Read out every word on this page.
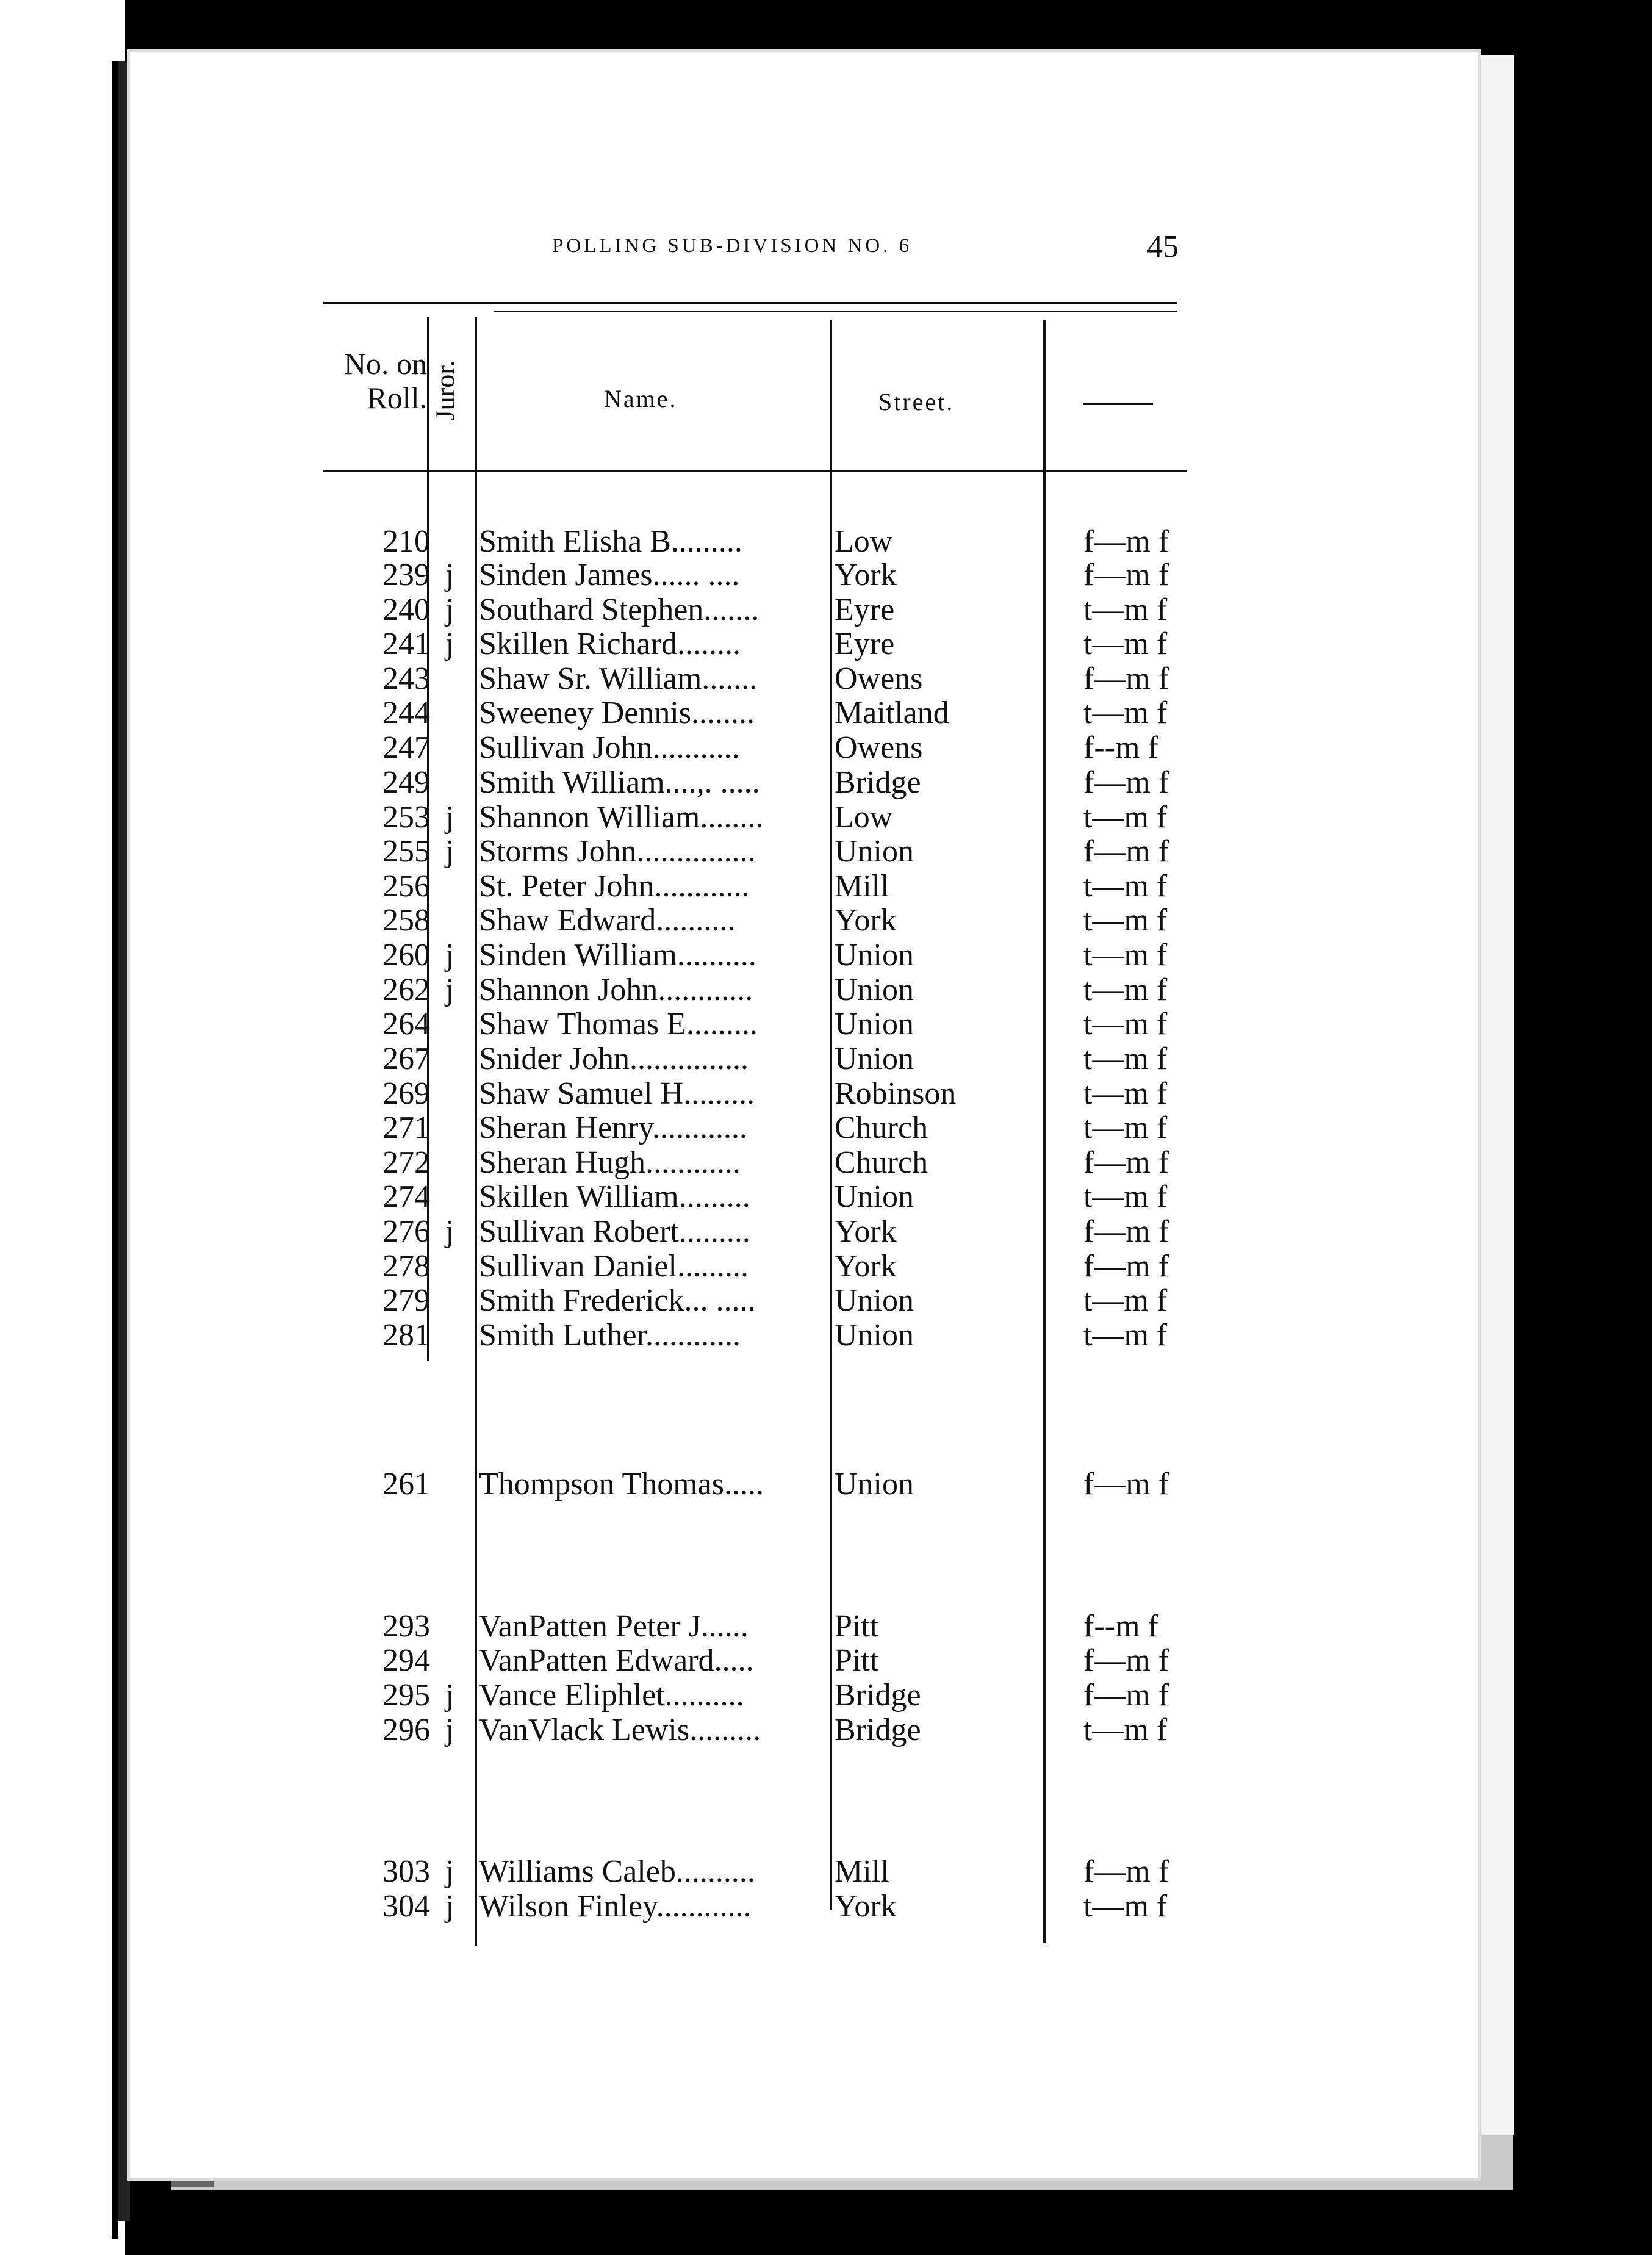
POLLING SUB-DIVISION NO. 6	45
No. on
Roll. Juror.	Name.	Street.
210 Smith Elisha B.........	Low	f—m f
239 j Sinden James...... ....	York	f—m f
240 j Southard Stephen....... Eyre	t—m f
241 j Skillen Richard........	Eyre	t—m f
243 Shaw Sr. William....... Owens	f—m f
244 Sweeney Dennis........	Maitland	t—m f
247 Sullivan John...........	Owens	f--m f
249 Smith William....,. ..... Bridge	f—m f
253 j Shannon William........ Low	t—m f
255 j Storms John............... Union	f—m f
256 St. Peter John............	Mill	t—m f
258 Shaw Edward..........	York	t—m f
260 j Sinden William.......... Union	t—m f
262 j Shannon John............	Union	t—m f
264 Shaw Thomas E......... Union	t—m f
267 Snider John...............	Union	t—m f
269 Shaw Samuel H.........	Robinson	t—m f
271 Sheran Henry............	Church	t—m f
272 Sheran Hugh............	Church	f—m f
274 Skillen William.........	Union	t—m f
276 j Sullivan Robert.........	York	f—m f
278 Sullivan Daniel.........	York	f—m f
279 Smith Frederick... ..... Union	t—m f
281 Smith Luther............	Union	t—m f
261 Thompson Thomas..... Union	f—m f
293 VanPatten Peter J......	Pitt	f--m f
294 VanPatten Edward.....	Pitt	f—m f
295 j Vance Eliphlet..........	Bridge	f—m f
296 j VanVlack Lewis......... Bridge	t—m f
303 j Williams Caleb..........	Mill	f—m f
304 j Wilson Finley............	York	t—m f
